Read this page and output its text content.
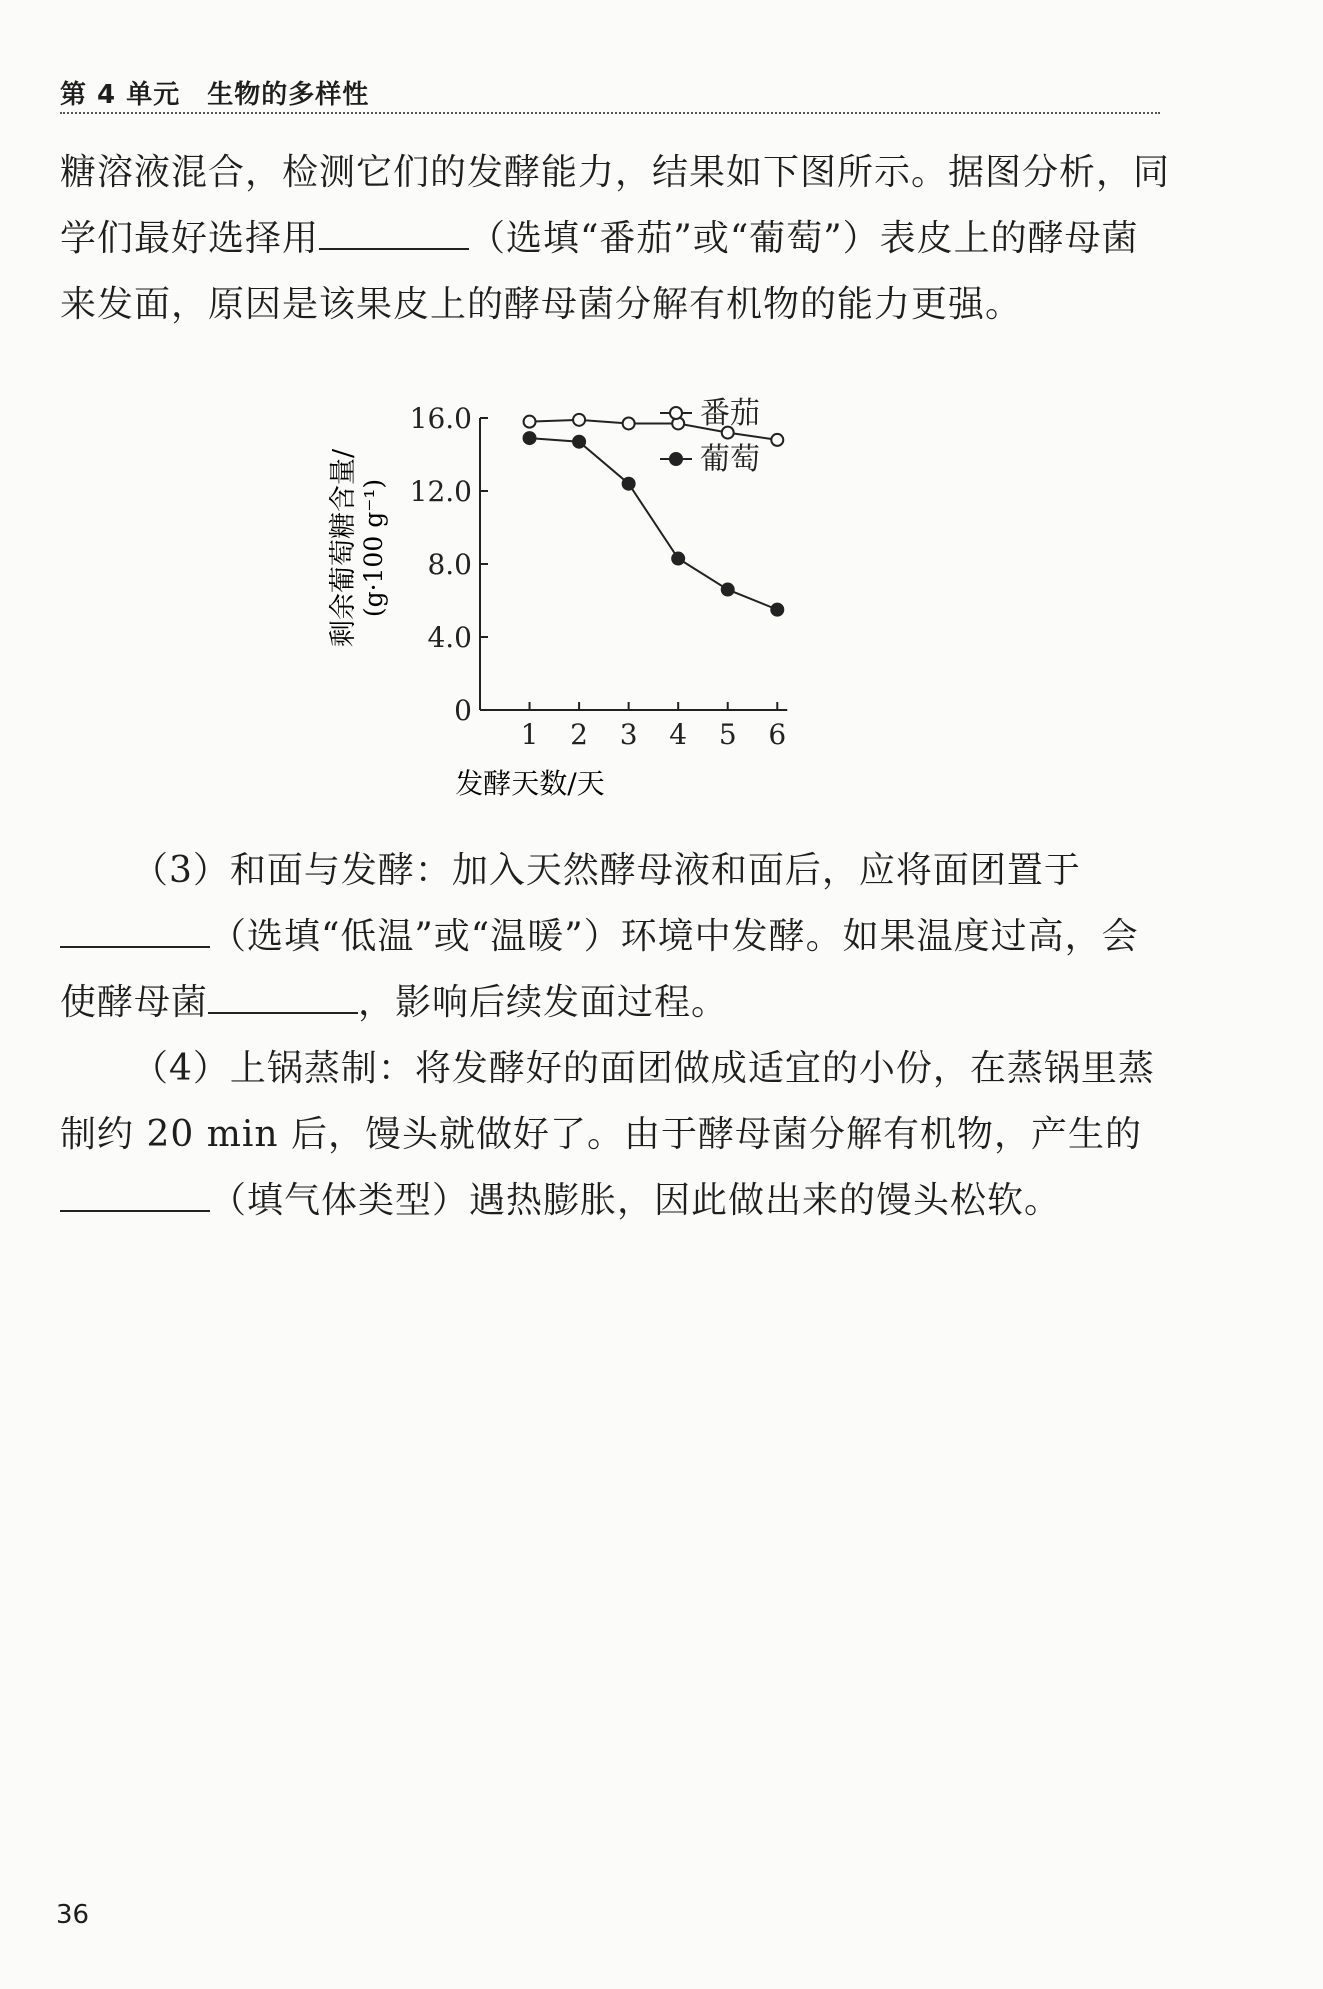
第 4 单元　生物的多样性

糖溶液混合，检测它们的发酵能力，结果如下图所示。据图分析，同学们最好选择用	（选填“番茄”或“葡萄”）表皮上的酵母菌来发面，原因是该果皮上的酵母菌分解有机物的能力更强。

0
4.0
8.0
12.0
16.0
1 2 3 4 5 6
番茄
葡萄
发酵天数/天
剩余葡萄糖含量/ (g·100 g⁻¹)

（3）和面与发酵：加入天然酵母液和面后，应将面团置于（选填“低温”或“温暖”）环境中发酵。如果温度过高，会使酵母菌	，影响后续发面过程。

（4）上锅蒸制：将发酵好的面团做成适宜的小份，在蒸锅里蒸制约 20 min 后，馒头就做好了。由于酵母菌分解有机物，产生的（填气体类型）遇热膨胀，因此做出来的馒头松软。

36
